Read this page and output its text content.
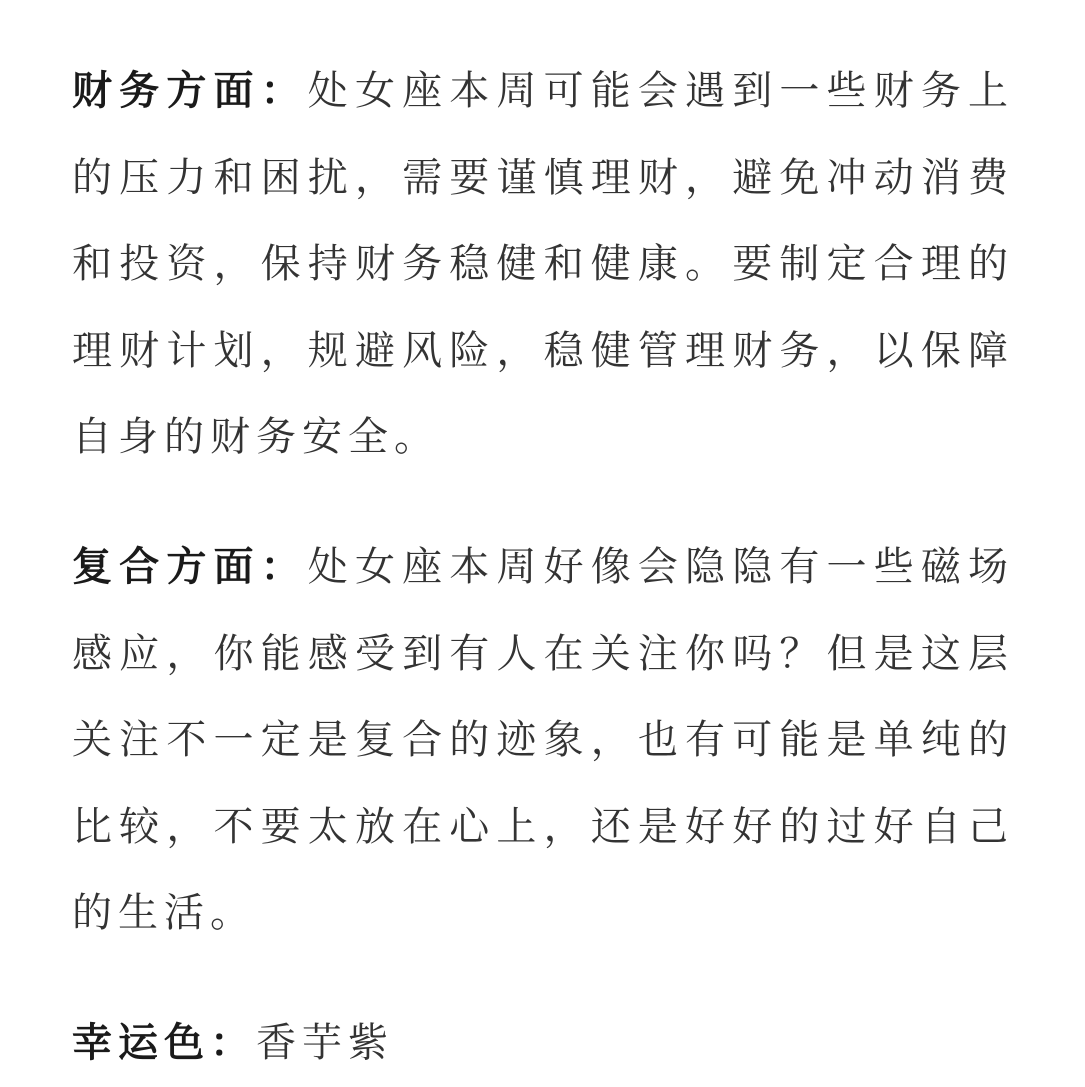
财务方面：处女座本周可能会遇到一些财务上的压力和困扰，需要谨慎理财，避免冲动消费和投资，保持财务稳健和健康。要制定合理的理财计划，规避风险，稳健管理财务，以保障自身的财务安全。

复合方面：处女座本周好像会隐隐有一些磁场感应，你能感受到有人在关注你吗？但是这层关注不一定是复合的迹象，也有可能是单纯的比较，不要太放在心上，还是好好的过好自己的生活。

幸运色：香芋紫
